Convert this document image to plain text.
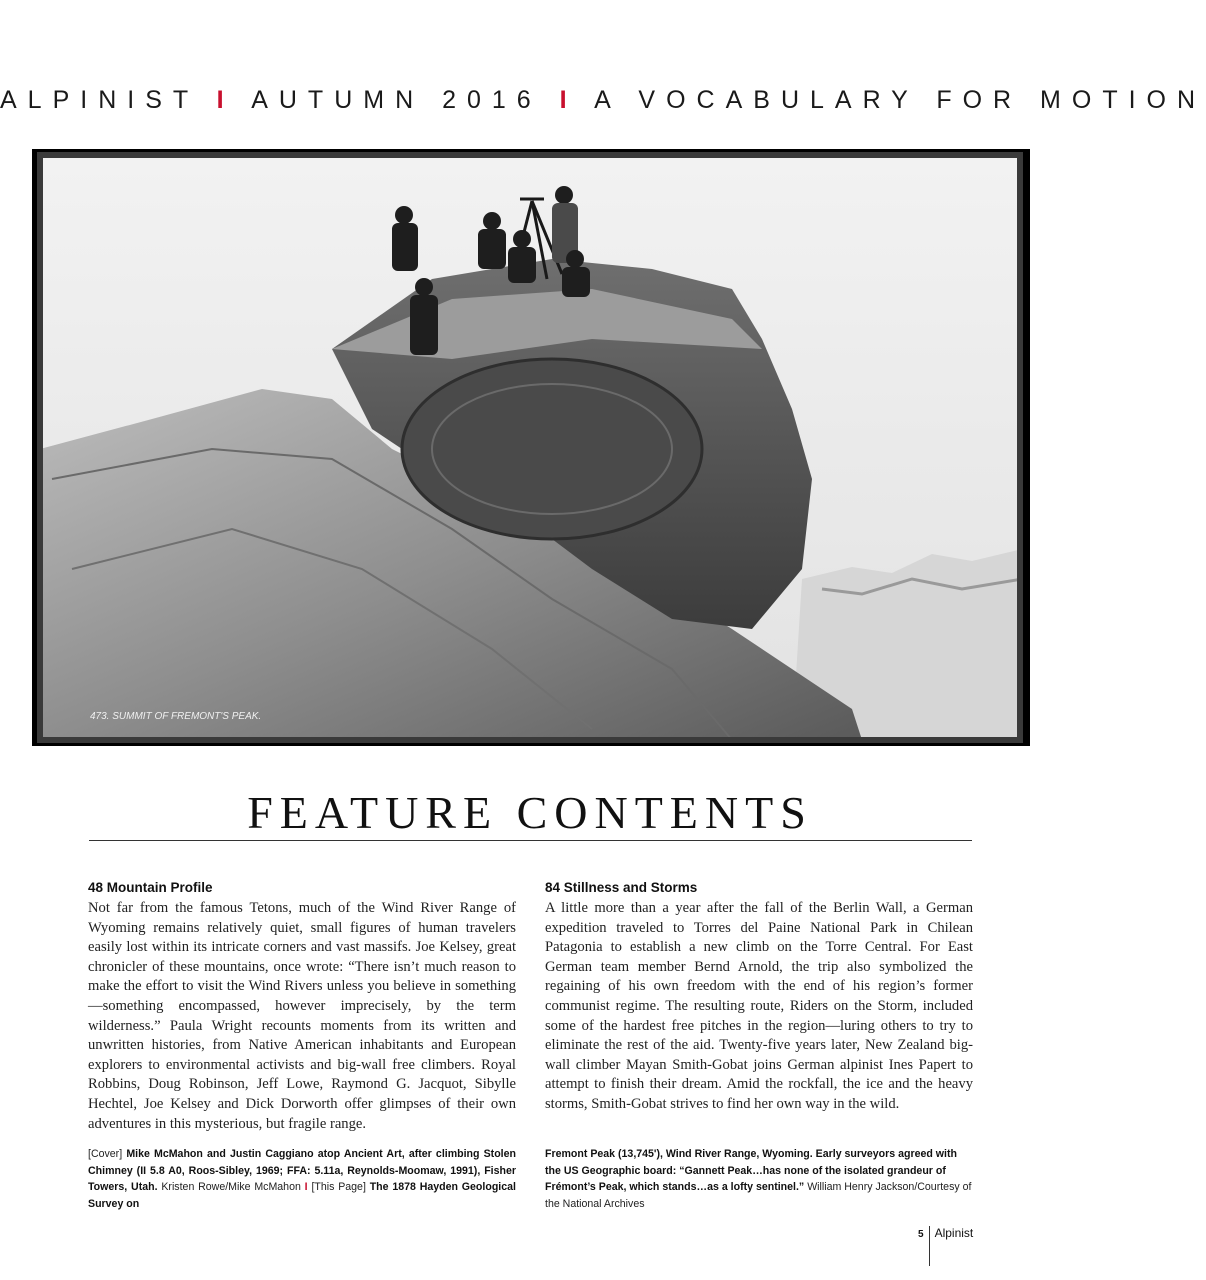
ALPINIST I AUTUMN 2016 I A VOCABULARY FOR MOTION
473. SUMMIT OF FREMONT'S PEAK.
FEATURE CONTENTS
48 Mountain Profile

Not far from the famous Tetons, much of the Wind River Range of Wyoming remains relatively quiet, small figures of human travelers easily lost within its intricate corners and vast massifs. Joe Kelsey, great chronicler of these mountains, once wrote: “There isn’t much reason to make the effort to visit the Wind Rivers unless you believe in something—something encompassed, however imprecisely, by the term wilderness.” Paula Wright recounts moments from its written and unwritten histories, from Native American inhabitants and European explorers to environmental activists and big-wall free climbers. Royal Robbins, Doug Robinson, Jeff Lowe, Raymond G. Jacquot, Sibylle Hechtel, Joe Kelsey and Dick Dorworth offer glimpses of their own adventures in this mysterious, but fragile range.

84 Stillness and Storms

A little more than a year after the fall of the Berlin Wall, a German expedition traveled to Torres del Paine National Park in Chilean Patagonia to establish a new climb on the Torre Central. For East German team member Bernd Arnold, the trip also symbolized the regaining of his own freedom with the end of his region’s former communist regime. The resulting route, Riders on the Storm, included some of the hardest free pitches in the region—luring others to try to eliminate the rest of the aid. Twenty-five years later, New Zealand big-wall climber Mayan Smith-Gobat joins German alpinist Ines Papert to attempt to finish their dream. Amid the rockfall, the ice and the heavy storms, Smith-Gobat strives to find her own way in the wild.

[Cover] Mike McMahon and Justin Caggiano atop Ancient Art, after climbing Stolen Chimney (II 5.8 A0, Roos-Sibley, 1969; FFA: 5.11a, Reynolds-Moomaw, 1991), Fisher Towers, Utah. Kristen Rowe/Mike McMahon I [This Page] The 1878 Hayden Geological Survey on
Fremont Peak (13,745'), Wind River Range, Wyoming. Early surveyors agreed with the US Geographic board: “Gannett Peak…has none of the isolated grandeur of Frémont’s Peak, which stands…as a lofty sentinel.” William Henry Jackson/Courtesy of the National Archives
5 Alpinist
